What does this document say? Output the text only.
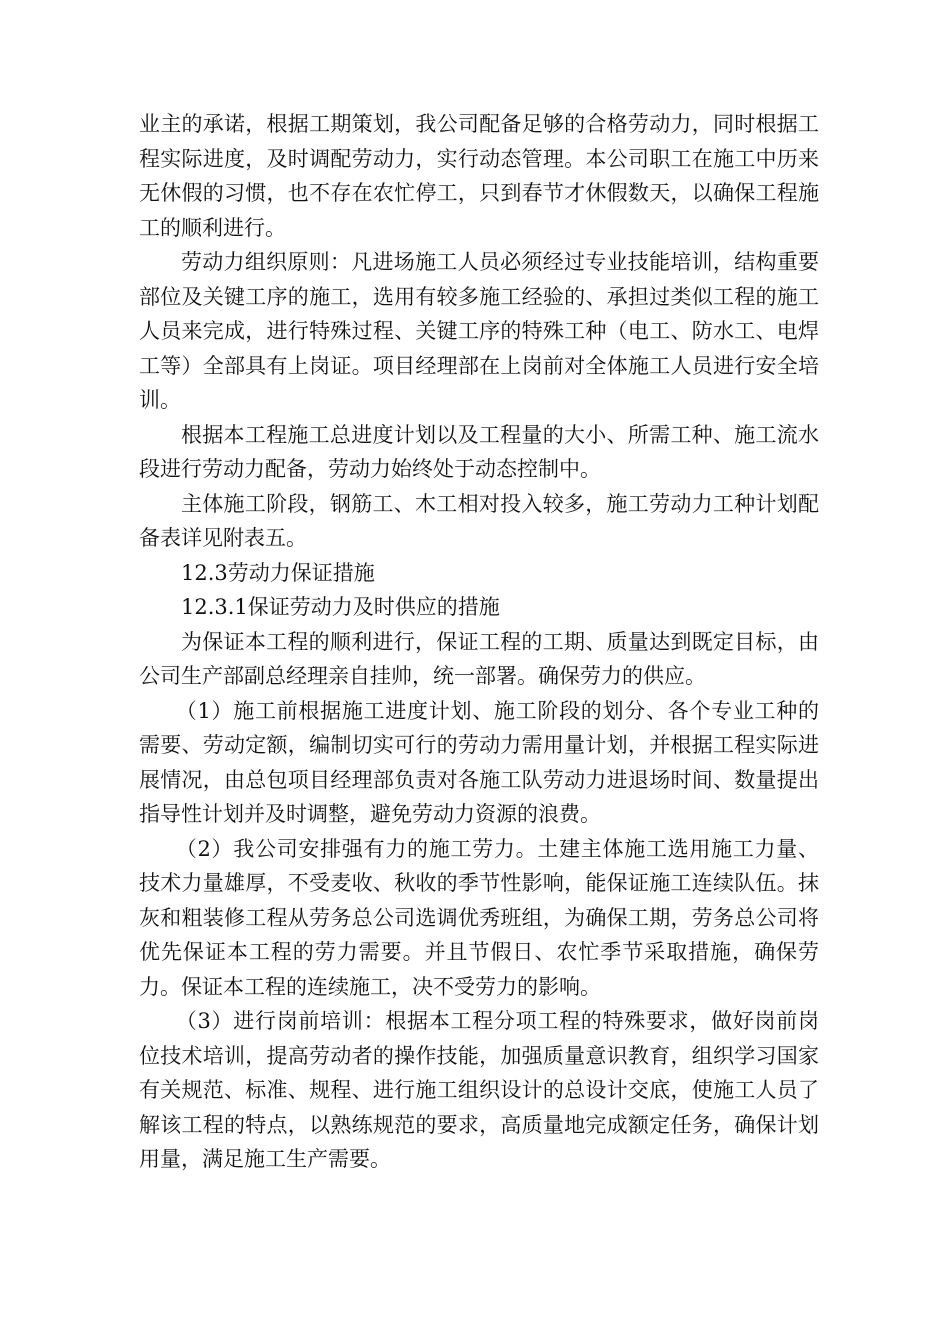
业主的承诺，根据工期策划，我公司配备足够的合格劳动力，同时根据工程实际进度，及时调配劳动力，实行动态管理。本公司职工在施工中历来无休假的习惯，也不存在农忙停工，只到春节才休假数天，以确保工程施工的顺利进行。

劳动力组织原则：凡进场施工人员必须经过专业技能培训，结构重要部位及关键工序的施工，选用有较多施工经验的、承担过类似工程的施工人员来完成，进行特殊过程、关键工序的特殊工种（电工、防水工、电焊工等）全部具有上岗证。项目经理部在上岗前对全体施工人员进行安全培训。

根据本工程施工总进度计划以及工程量的大小、所需工种、施工流水段进行劳动力配备，劳动力始终处于动态控制中。

主体施工阶段，钢筋工、木工相对投入较多，施工劳动力工种计划配备表详见附表五。

12.3劳动力保证措施

12.3.1保证劳动力及时供应的措施

为保证本工程的顺利进行，保证工程的工期、质量达到既定目标，由公司生产部副总经理亲自挂帅，统一部署。确保劳力的供应。

（1）施工前根据施工进度计划、施工阶段的划分、各个专业工种的需要、劳动定额，编制切实可行的劳动力需用量计划，并根据工程实际进展情况，由总包项目经理部负责对各施工队劳动力进退场时间、数量提出指导性计划并及时调整，避免劳动力资源的浪费。

（2）我公司安排强有力的施工劳力。土建主体施工选用施工力量、技术力量雄厚，不受麦收、秋收的季节性影响，能保证施工连续队伍。抹灰和粗装修工程从劳务总公司选调优秀班组，为确保工期，劳务总公司将优先保证本工程的劳力需要。并且节假日、农忙季节采取措施，确保劳力。保证本工程的连续施工，决不受劳力的影响。

（3）进行岗前培训：根据本工程分项工程的特殊要求，做好岗前岗位技术培训，提高劳动者的操作技能，加强质量意识教育，组织学习国家有关规范、标准、规程、进行施工组织设计的总设计交底，使施工人员了解该工程的特点，以熟练规范的要求，高质量地完成额定任务，确保计划用量，满足施工生产需要。
